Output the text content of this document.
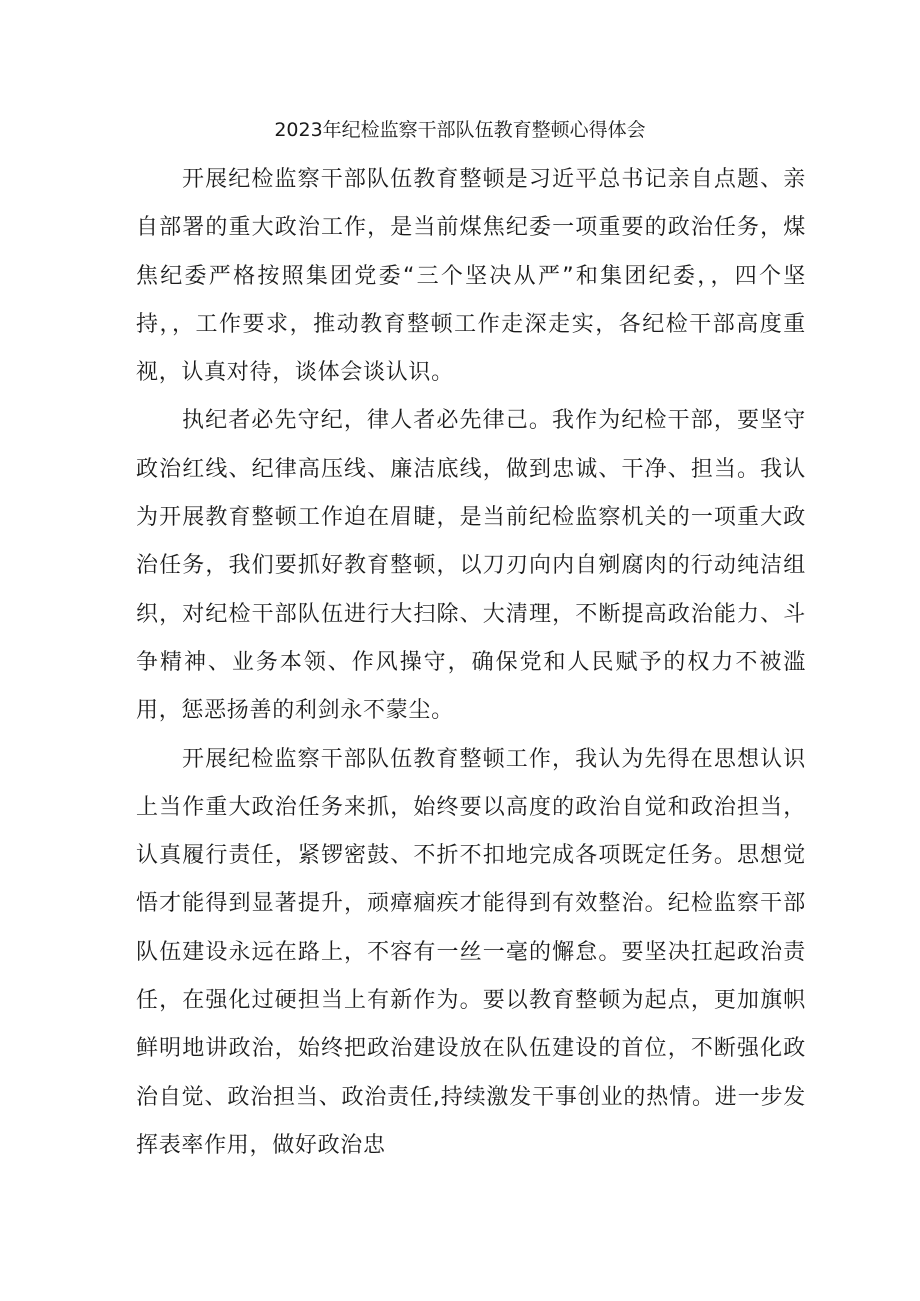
2023年纪检监察干部队伍教育整顿心得体会

开展纪检监察干部队伍教育整顿是习近平总书记亲自点题、亲自部署的重大政治工作，是当前煤焦纪委一项重要的政治任务，煤焦纪委严格按照集团党委“三个坚决从严”和集团纪委，，四个坚持，，工作要求，推动教育整顿工作走深走实，各纪检干部高度重视，认真对待，谈体会谈认识。

执纪者必先守纪，律人者必先律己。我作为纪检干部，要坚守政治红线、纪律高压线、廉洁底线，做到忠诚、干净、担当。我认为开展教育整顿工作迫在眉睫，是当前纪检监察机关的一项重大政治任务，我们要抓好教育整顿，以刀刃向内自剜腐肉的行动纯洁组织，对纪检干部队伍进行大扫除、大清理，不断提高政治能力、斗争精神、业务本领、作风操守，确保党和人民赋予的权力不被滥用，惩恶扬善的利剑永不蒙尘。

开展纪检监察干部队伍教育整顿工作，我认为先得在思想认识上当作重大政治任务来抓，始终要以高度的政治自觉和政治担当，认真履行责任，紧锣密鼓、不折不扣地完成各项既定任务。思想觉悟才能得到显著提升，顽瘴痼疾才能得到有效整治。纪检监察干部队伍建设永远在路上，不容有一丝一毫的懈怠。要坚决扛起政治责任，在强化过硬担当上有新作为。要以教育整顿为起点，更加旗帜鲜明地讲政治，始终把政治建设放在队伍建设的首位，不断强化政治自觉、政治担当、政治责任,持续激发干事创业的热情。进一步发挥表率作用，做好政治忠
